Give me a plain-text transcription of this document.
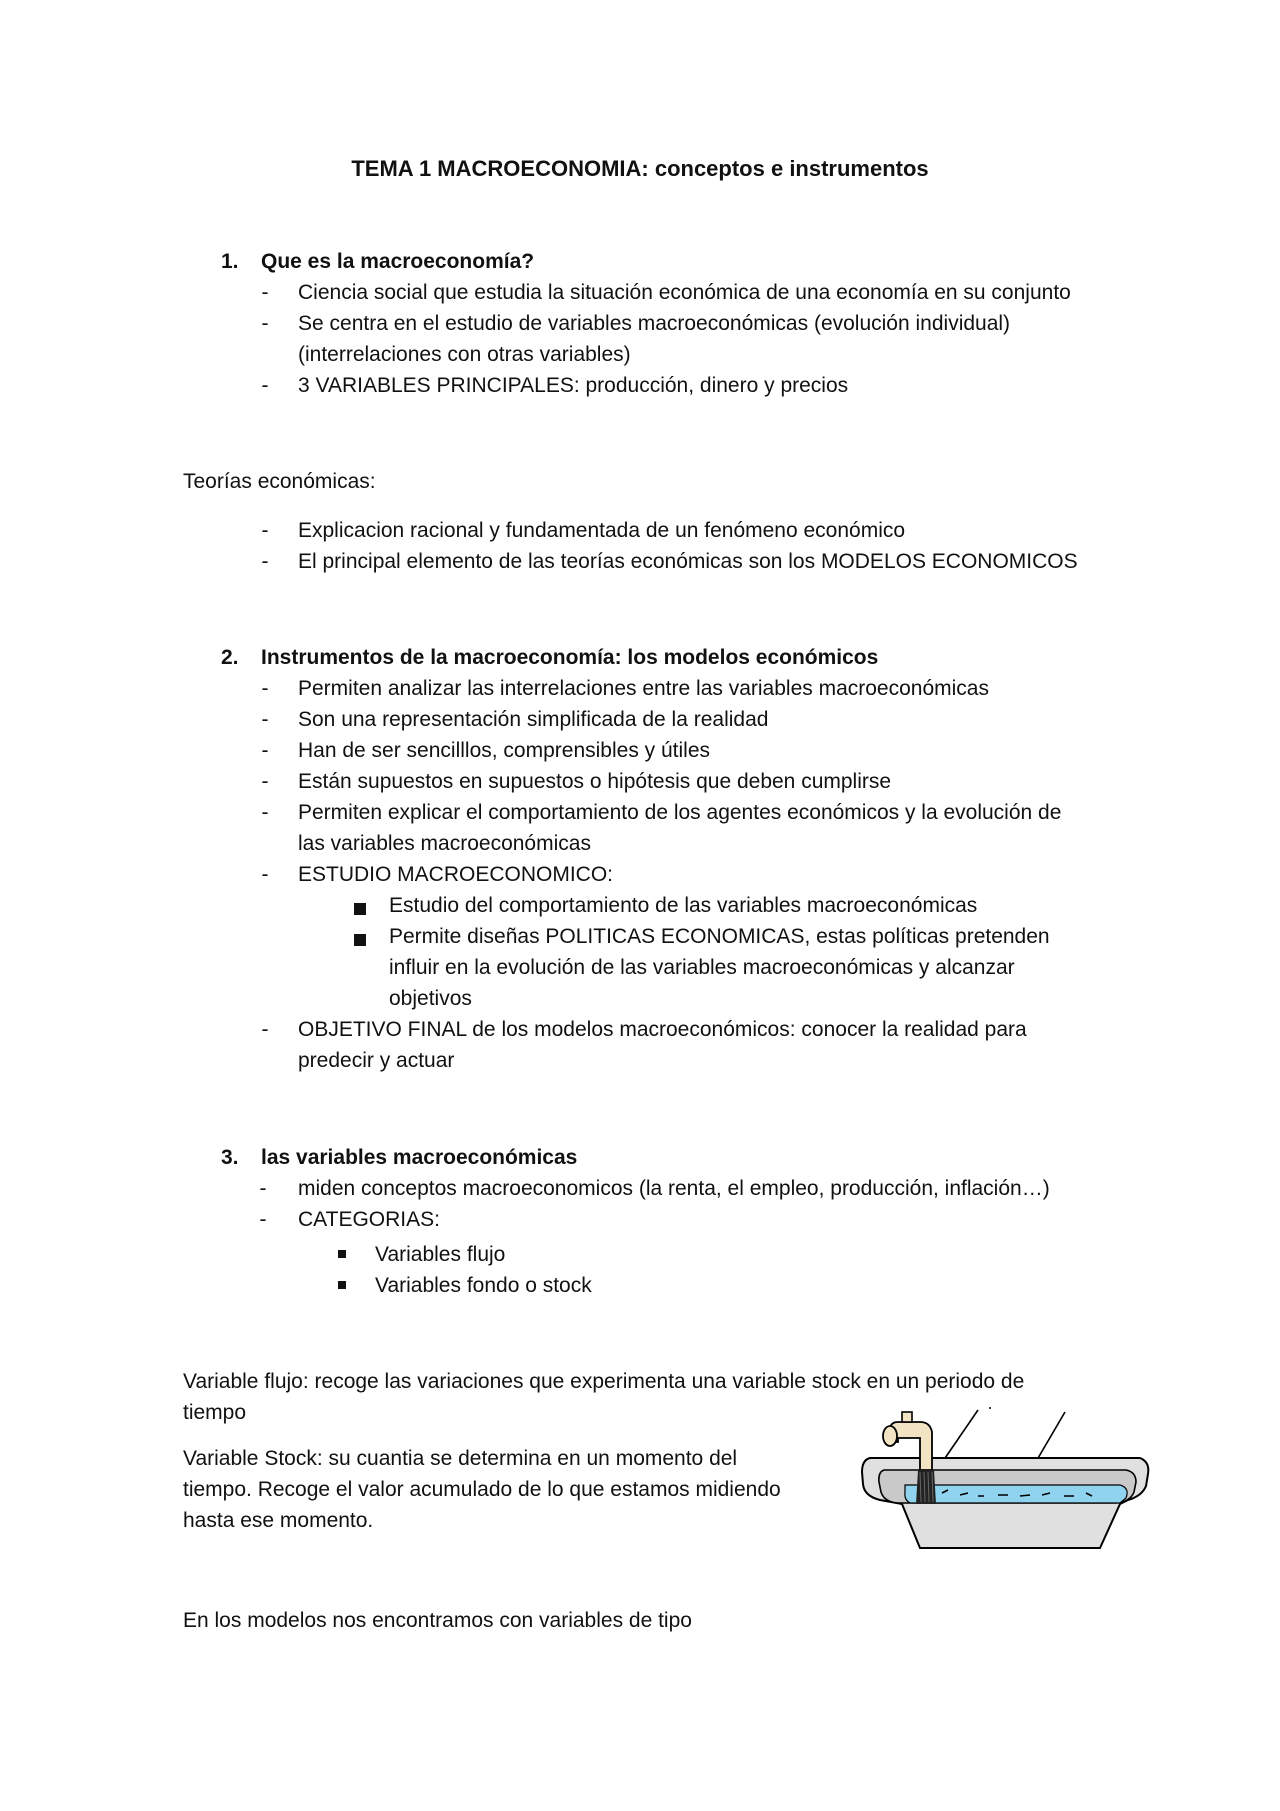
TEMA 1 MACROECONOMIA: conceptos e instrumentos
1. Que es la macroeconomía?
-	Ciencia social que estudia la situación económica de una economía en su conjunto
-	Se centra en el estudio de variables macroeconómicas (evolución individual)
(interrelaciones con otras variables)
-	3 VARIABLES PRINCIPALES: producción, dinero y precios
Teorías económicas:
-	Explicacion racional y fundamentada de un fenómeno económico
-	El principal elemento de las teorías económicas son los MODELOS ECONOMICOS
2. Instrumentos de la macroeconomía: los modelos económicos
-	Permiten analizar las interrelaciones entre las variables macroeconómicas
-	Son una representación simplificada de la realidad
-	Han de ser sencilllos, comprensibles y útiles
-	Están supuestos en supuestos o hipótesis que deben cumplirse
-	Permiten explicar el comportamiento de los agentes económicos y la evolución de
las variables macroeconómicas
-	ESTUDIO MACROECONOMICO:
Estudio del comportamiento de las variables macroeconómicas
Permite diseñas POLITICAS ECONOMICAS, estas políticas pretenden
influir en la evolución de las variables macroeconómicas y alcanzar
objetivos
-	OBJETIVO FINAL de los modelos macroeconómicos: conocer la realidad para
predecir y actuar
3. las variables macroeconómicas
-	miden conceptos macroeconomicos (la renta, el empleo, producción, inflación…)
-	CATEGORIAS:
Variables flujo
Variables fondo o stock
Variable flujo: recoge las variaciones que experimenta una variable stock en un periodo de
tiempo
Variable Stock: su cuantia se determina en un momento del
tiempo. Recoge el valor acumulado de lo que estamos midiendo
hasta ese momento.
En los modelos nos encontramos con variables de tipo
